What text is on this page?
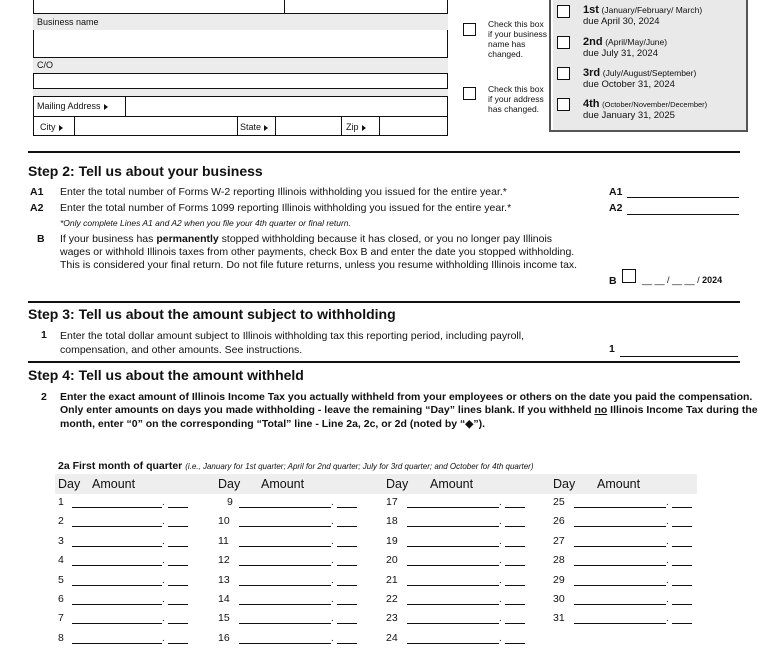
Business name
C/O
Mailing Address
City	State	Zip
Check this box if your business name has changed.
Check this box if your address has changed.
1st (January/February/ March)
due April 30, 2024
2nd (April/May/June)
due July 31, 2024
3rd (July/August/September)
due October 31, 2024
4th (October/November/December)
due January 31, 2025
Step 2: Tell us about your business
A1 Enter the total number of Forms W-2 reporting Illinois withholding you issued for the entire year.*	A1
A2 Enter the total number of Forms 1099 reporting Illinois withholding you issued for the entire year.*	A2
*Only complete Lines A1 and A2 when you file your 4th quarter or final return.
B If your business has permanently stopped withholding because it has closed, or you no longer pay Illinois wages or withhold Illinois taxes from other payments, check Box B and enter the date you stopped withholding. This is considered your final return. Do not file future returns, unless you resume withholding Illinois income tax.
B	__ __ / __ __ / 2024
Step 3: Tell us about the amount subject to withholding
1 Enter the total dollar amount subject to Illinois withholding tax this reporting period, including payroll, compensation, and other amounts. See instructions.	1
Step 4: Tell us about the amount withheld
2 Enter the exact amount of Illinois Income Tax you actually withheld from your employees or others on the date you paid the compensation. Only enter amounts on days you made withholding - leave the remaining “Day” lines blank. If you withheld no Illinois Income Tax during the month, enter “0” on the corresponding “Total” line - Line 2a, 2c, or 2d (noted by “◆”).
2a First month of quarter (i.e., January for 1st quarter; April for 2nd quarter; July for 3rd quarter; and October for 4th quarter)
Day Amount	Day Amount	Day Amount	Day Amount
1	.
2	.
3	.
4	.
5	.
6	.
7	.
8	.
9	.
10	.
11	.
12	.
13	.
14	.
15	.
16	.
17	.
18	.
19	.
20	.
21	.
22	.
23	.
24	.
25	.
26	.
27	.
28	.
29	.
30	.
31	.
